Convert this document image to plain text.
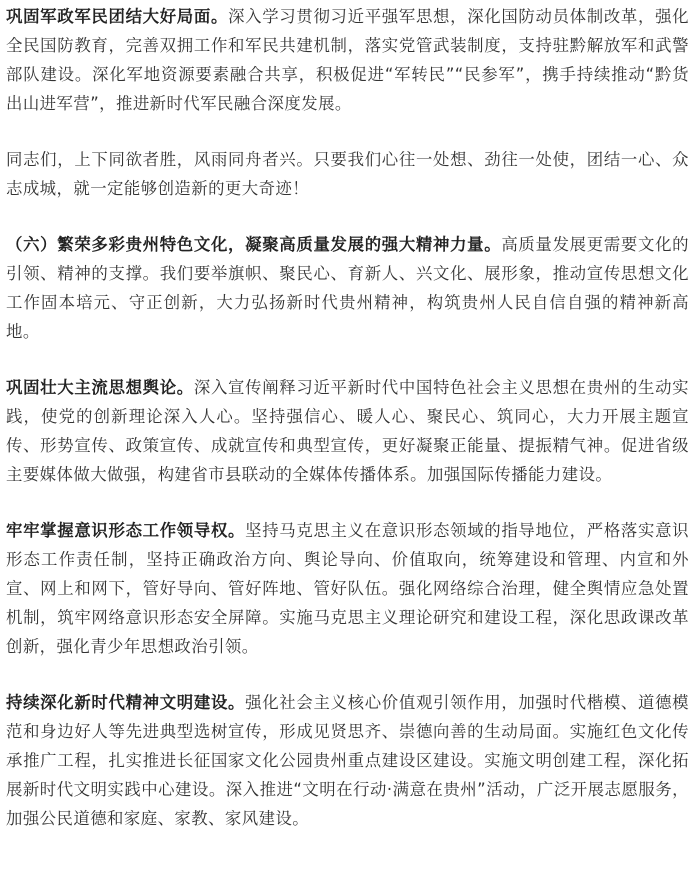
巩固军政军民团结大好局面。深入学习贯彻习近平强军思想，深化国防动员体制改革，强化全民国防教育，完善双拥工作和军民共建机制，落实党管武装制度，支持驻黔解放军和武警部队建设。深化军地资源要素融合共享，积极促进“军转民”“民参军”，携手持续推动“黔货出山进军营”，推进新时代军民融合深度发展。

同志们，上下同欲者胜，风雨同舟者兴。只要我们心往一处想、劲往一处使，团结一心、众志成城，就一定能够创造新的更大奇迹！

（六）繁荣多彩贵州特色文化，凝聚高质量发展的强大精神力量。高质量发展更需要文化的引领、精神的支撑。我们要举旗帜、聚民心、育新人、兴文化、展形象，推动宣传思想文化工作固本培元、守正创新，大力弘扬新时代贵州精神，构筑贵州人民自信自强的精神新高地。

巩固壮大主流思想舆论。深入宣传阐释习近平新时代中国特色社会主义思想在贵州的生动实践，使党的创新理论深入人心。坚持强信心、暖人心、聚民心、筑同心，大力开展主题宣传、形势宣传、政策宣传、成就宣传和典型宣传，更好凝聚正能量、提振精气神。促进省级主要媒体做大做强，构建省市县联动的全媒体传播体系。加强国际传播能力建设。

牢牢掌握意识形态工作领导权。坚持马克思主义在意识形态领域的指导地位，严格落实意识形态工作责任制，坚持正确政治方向、舆论导向、价值取向，统筹建设和管理、内宣和外宣、网上和网下，管好导向、管好阵地、管好队伍。强化网络综合治理，健全舆情应急处置机制，筑牢网络意识形态安全屏障。实施马克思主义理论研究和建设工程，深化思政课改革创新，强化青少年思想政治引领。

持续深化新时代精神文明建设。强化社会主义核心价值观引领作用，加强时代楷模、道德模范和身边好人等先进典型选树宣传，形成见贤思齐、崇德向善的生动局面。实施红色文化传承推广工程，扎实推进长征国家文化公园贵州重点建设区建设。实施文明创建工程，深化拓展新时代文明实践中心建设。深入推进“文明在行动·满意在贵州”活动，广泛开展志愿服务，加强公民道德和家庭、家教、家风建设。
